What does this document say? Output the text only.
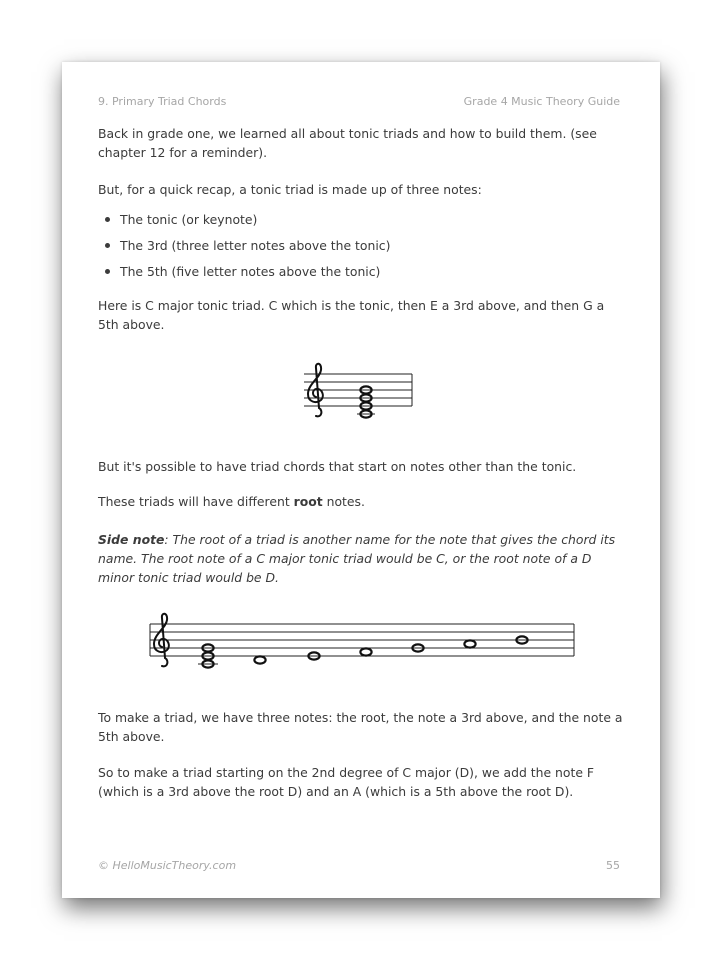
9. Primary Triad Chords	Grade 4 Music Theory Guide
Back in grade one, we learned all about tonic triads and how to build them. (see chapter 12 for a reminder).
But, for a quick recap, a tonic triad is made up of three notes:
The tonic (or keynote)
The 3rd (three letter notes above the tonic)
The 5th (five letter notes above the tonic)
Here is C major tonic triad. C which is the tonic, then E a 3rd above, and then G a 5th above.
But it's possible to have triad chords that start on notes other than the tonic.
These triads will have different root notes.
Side note: The root of a triad is another name for the note that gives the chord its name. The root note of a C major tonic triad would be C, or the root note of a D minor tonic triad would be D.
To make a triad, we have three notes: the root, the note a 3rd above, and the note a 5th above.
So to make a triad starting on the 2nd degree of C major (D), we add the note F (which is a 3rd above the root D) and an A (which is a 5th above the root D).
© HelloMusicTheory.com	55
